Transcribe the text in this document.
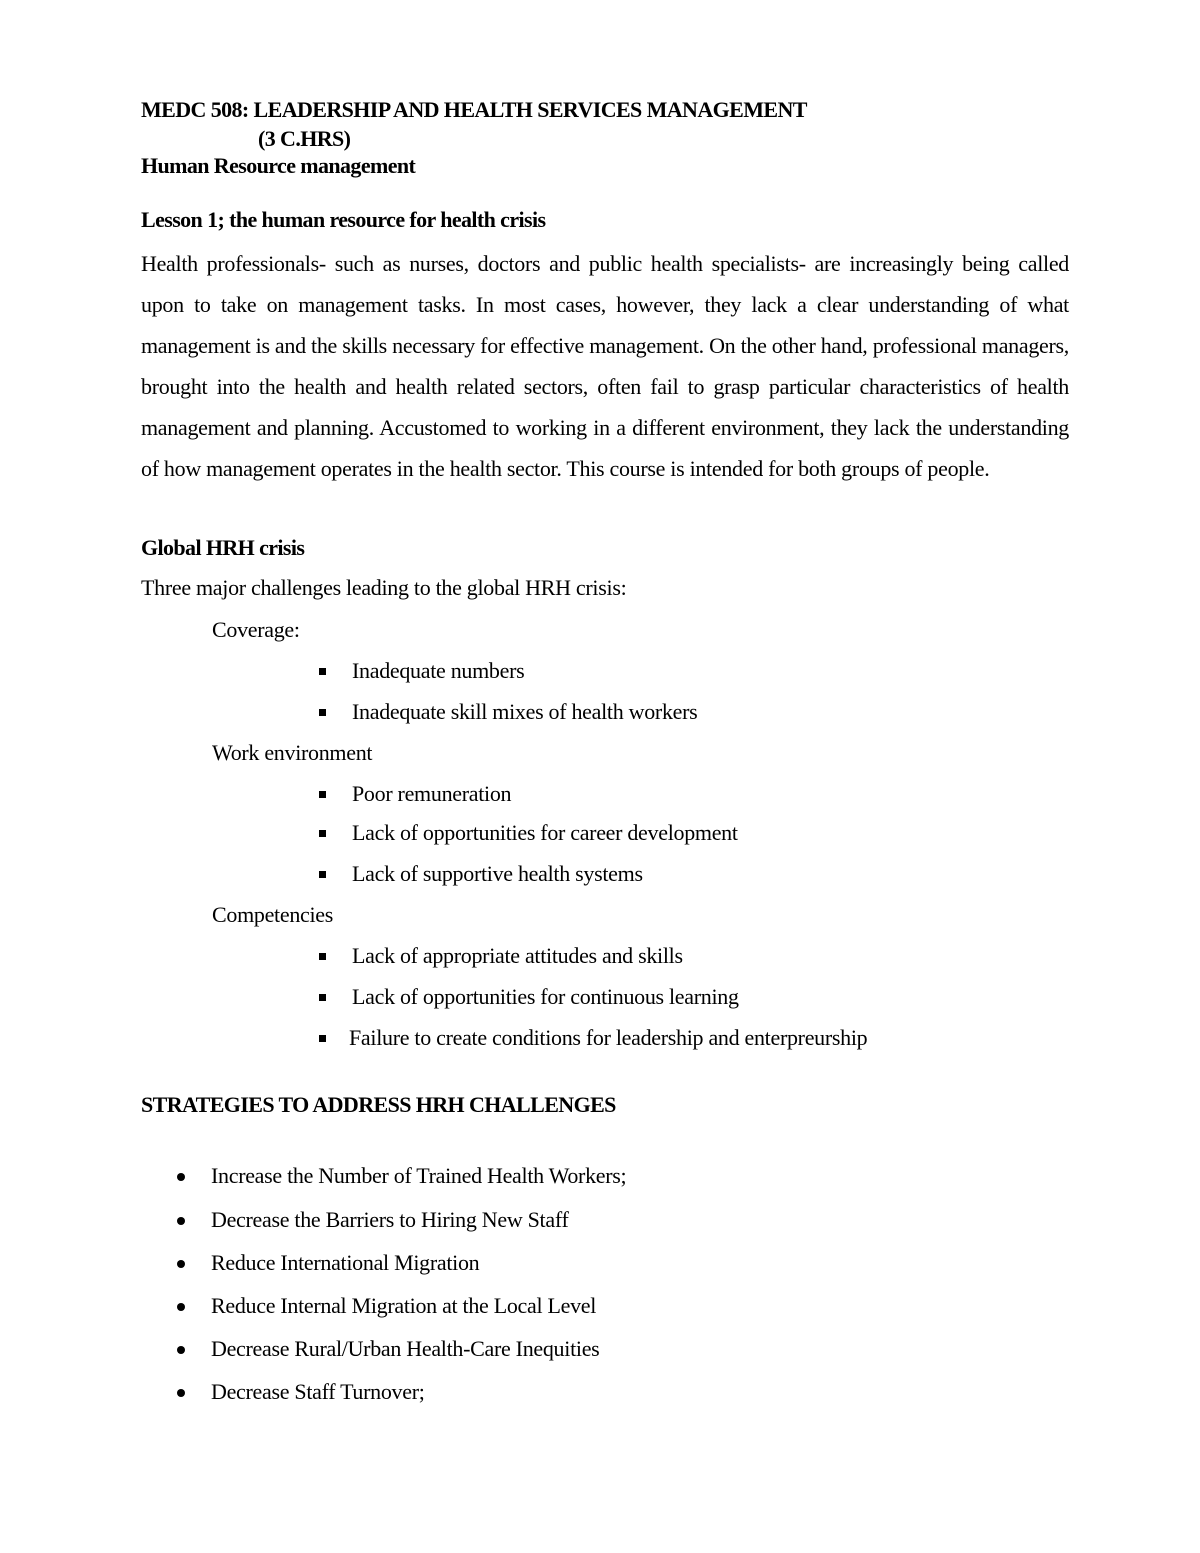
MEDC 508: LEADERSHIP AND HEALTH SERVICES MANAGEMENT
(3 C.HRS)
Human Resource management
Lesson 1; the human resource for health crisis
Health professionals- such as nurses, doctors and public health specialists- are increasingly being called upon to take on management tasks. In most cases, however, they lack a clear understanding of what management is and the skills necessary for effective management. On the other hand, professional managers, brought into the health and health related sectors, often fail to grasp particular characteristics of health management and planning. Accustomed to working in a different environment, they lack the understanding of how management operates in the health sector. This course is intended for both groups of people.
Global HRH crisis
Three major challenges leading to the global HRH crisis:
Coverage:
Inadequate numbers
Inadequate skill mixes of health workers
Work environment
Poor remuneration
Lack of opportunities for career development
Lack of supportive health systems
Competencies
Lack of appropriate attitudes and skills
Lack of opportunities for continuous learning
Failure to create conditions for leadership and enterpreurship
STRATEGIES TO ADDRESS HRH CHALLENGES
Increase the Number of Trained Health Workers;
Decrease the Barriers to Hiring New Staff
Reduce International Migration
Reduce Internal Migration at the Local Level
Decrease Rural/Urban Health-Care Inequities
Decrease Staff Turnover;
